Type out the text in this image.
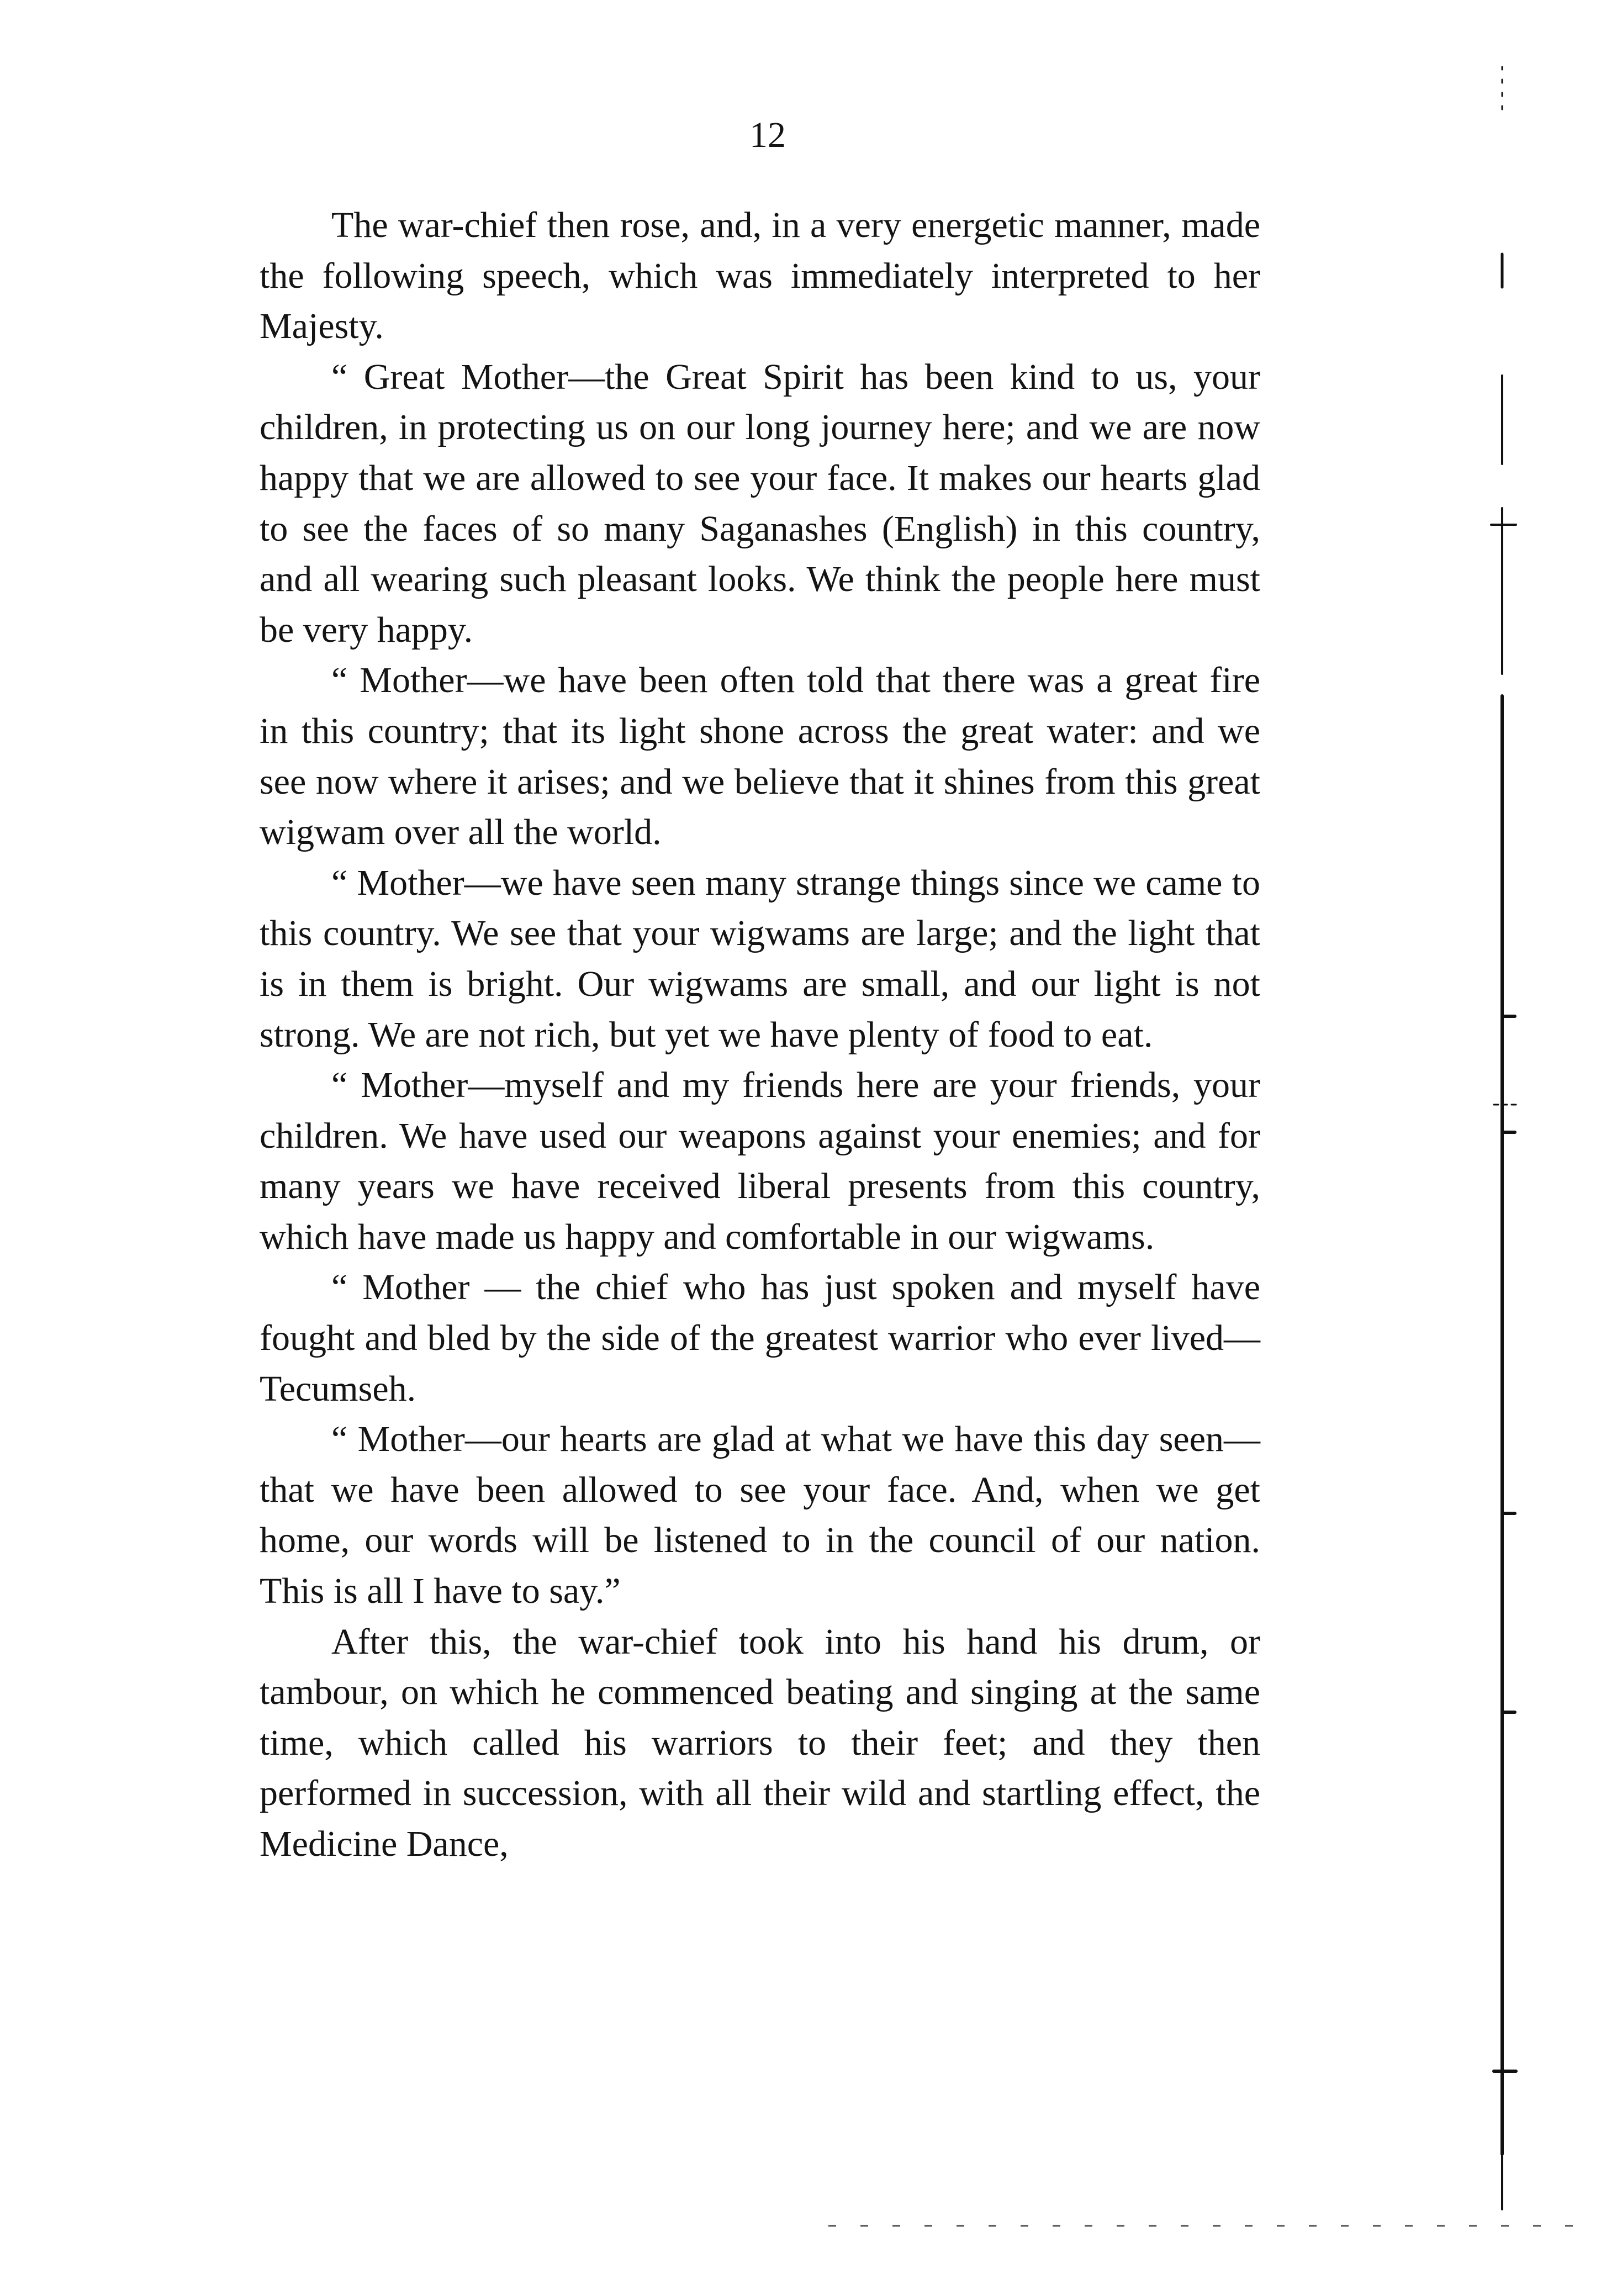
12

The war-chief then rose, and, in a very energetic manner, made the following speech, which was immediately interpreted to her Majesty.

“ Great Mother—the Great Spirit has been kind to us, your children, in protecting us on our long journey here; and we are now happy that we are allowed to see your face. It makes our hearts glad to see the faces of so many Saganashes (English) in this country, and all wearing such pleasant looks. We think the people here must be very happy.

“ Mother—we have been often told that there was a great fire in this country; that its light shone across the great water: and we see now where it arises; and we believe that it shines from this great wigwam over all the world.

“ Mother—we have seen many strange things since we came to this country. We see that your wigwams are large; and the light that is in them is bright. Our wigwams are small, and our light is not strong. We are not rich, but yet we have plenty of food to eat.

“ Mother—myself and my friends here are your friends, your children. We have used our weapons against your enemies; and for many years we have received liberal presents from this country, which have made us happy and comfortable in our wigwams.

“ Mother — the chief who has just spoken and myself have fought and bled by the side of the greatest warrior who ever lived—Tecumseh.

“ Mother—our hearts are glad at what we have this day seen—that we have been allowed to see your face. And, when we get home, our words will be listened to in the council of our nation. This is all I have to say.”

After this, the war-chief took into his hand his drum, or tambour, on which he commenced beating and singing at the same time, which called his warriors to their feet; and they then performed in succession, with all their wild and startling effect, the Medicine Dance,
